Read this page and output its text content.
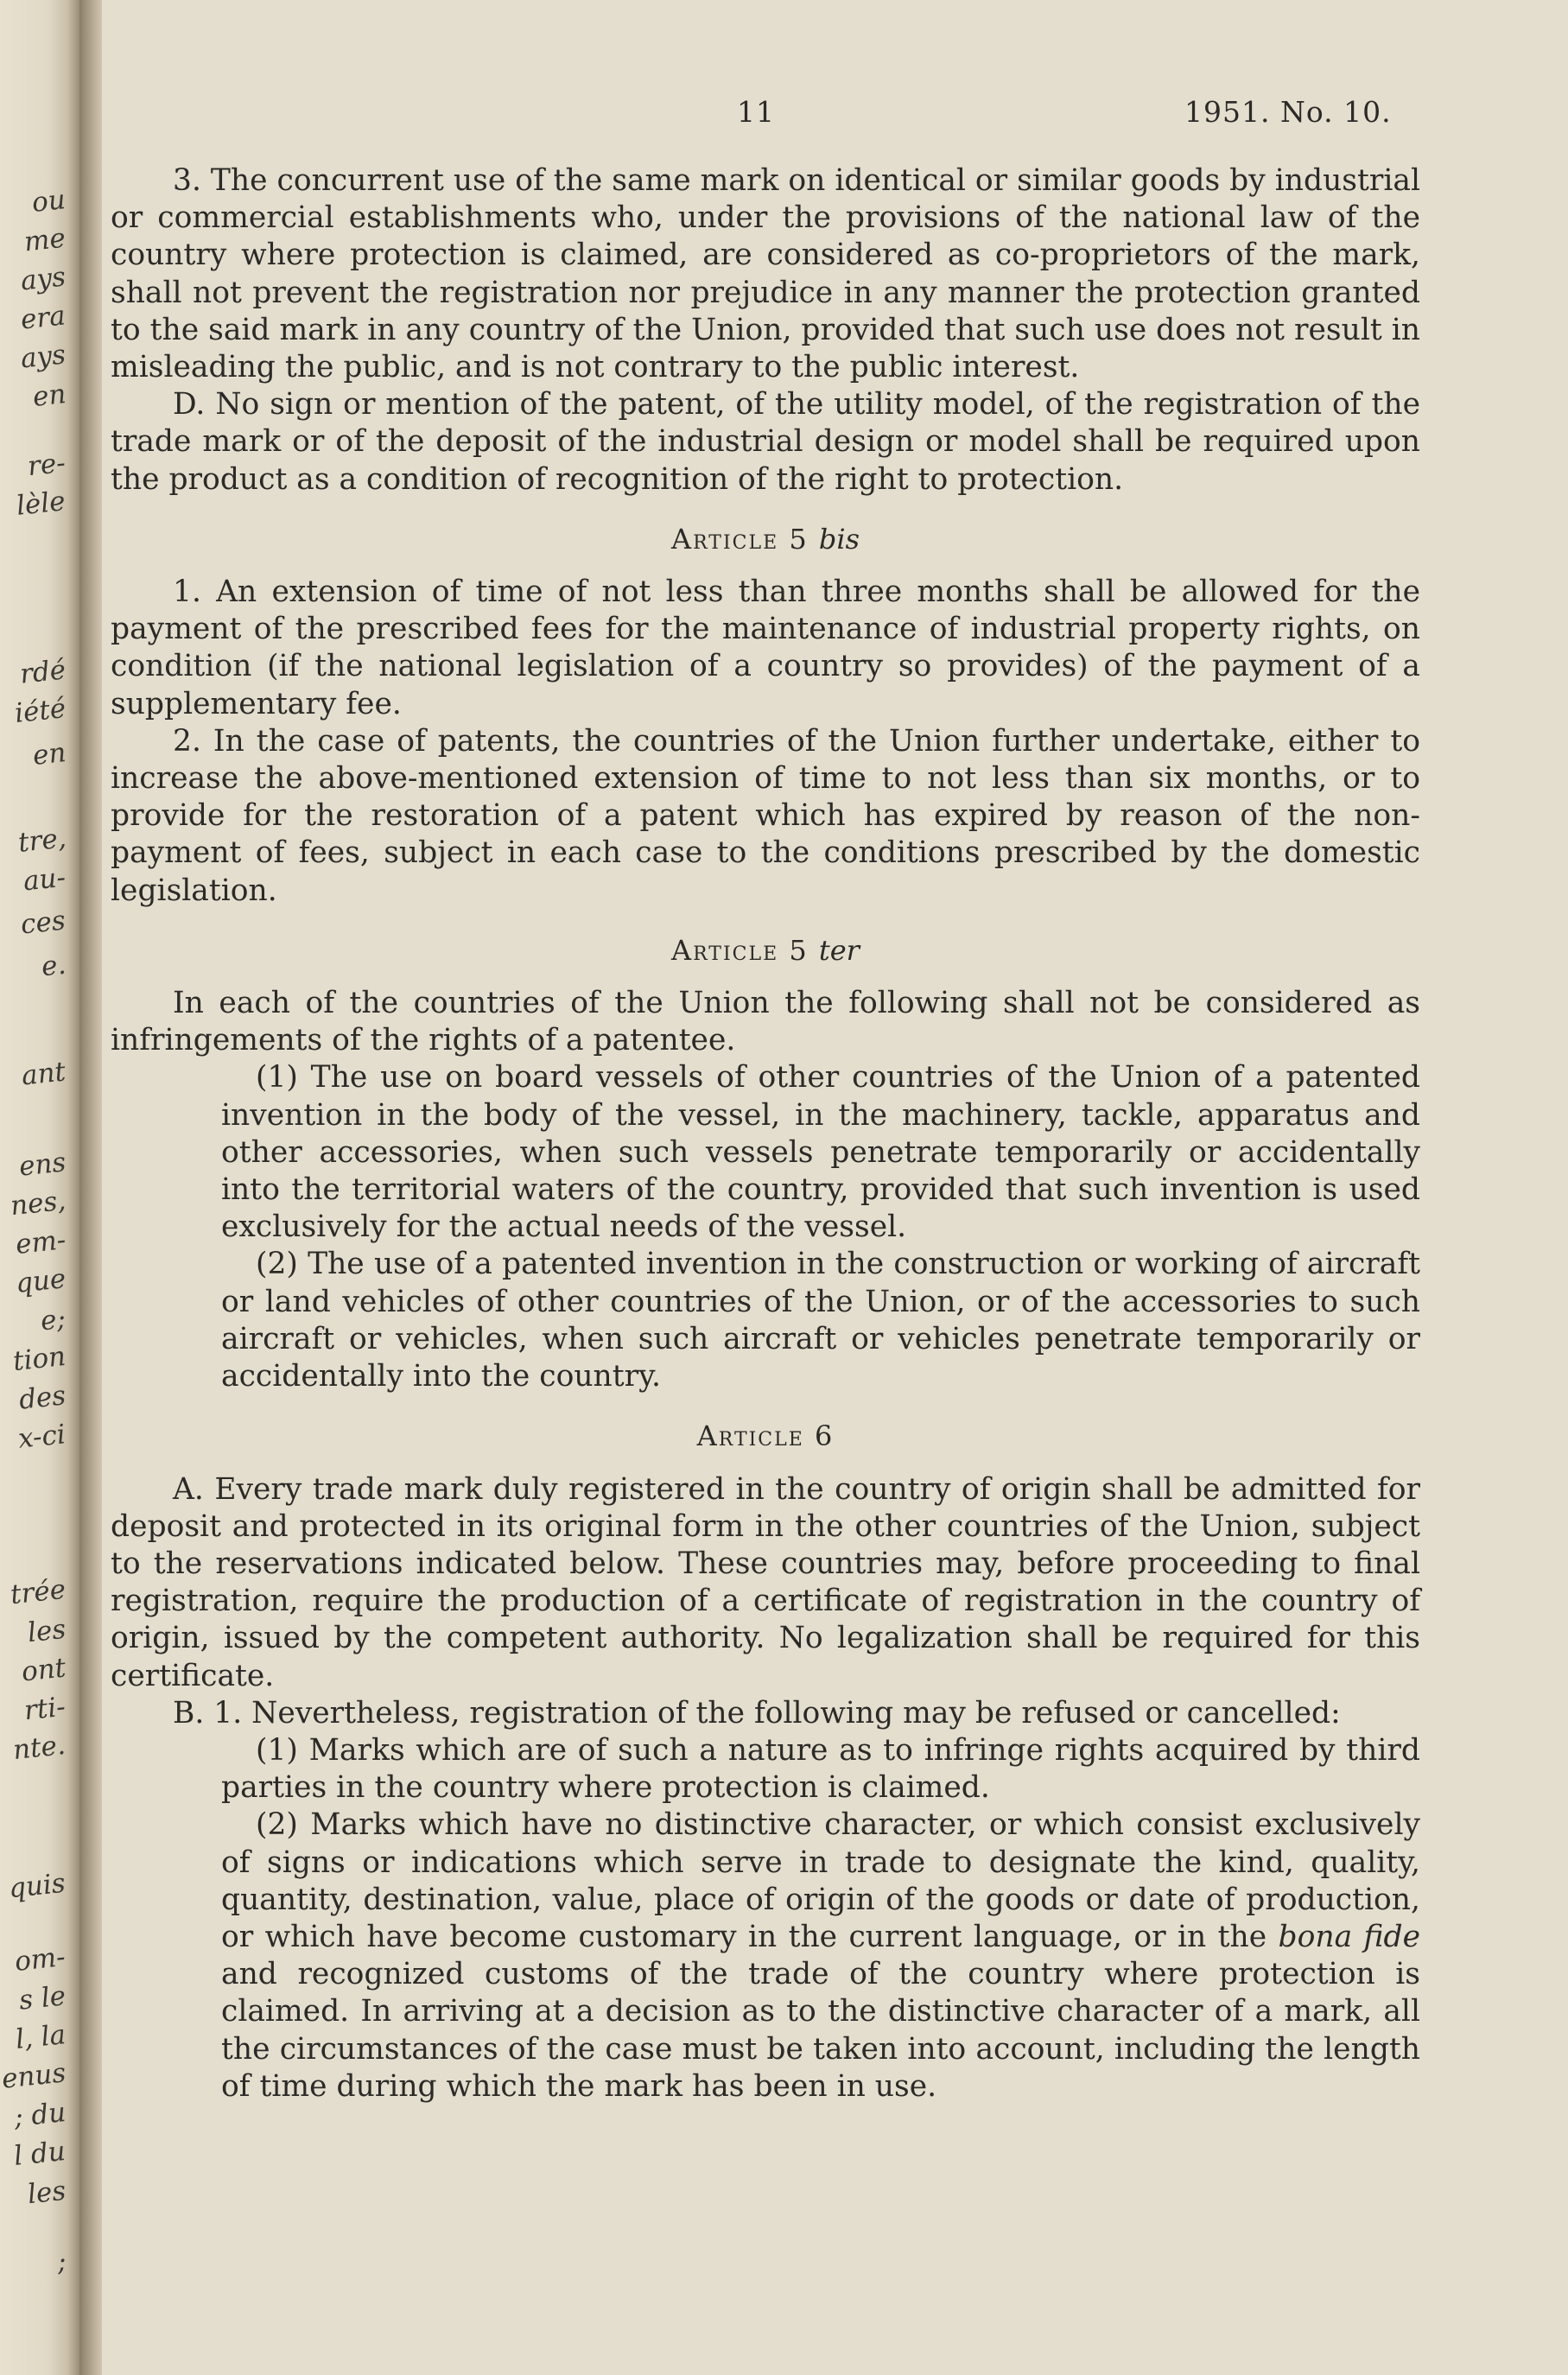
ou
me
ays
era
ays
en
re-
lèle
rdé
iété
en
tre,
au-
ces
e.
ant
ens
nes,
em-
que
e;
tion
des
x-ci
trée
les
ont
rti-
nte.
quis
om-
s le
l, la
enus
; du
l du
les
;
11	1951. No. 10.

3. The concurrent use of the same mark on identical or similar goods by industrial or commercial establishments who, under the provisions of the national law of the country where protection is claimed, are considered as co-proprietors of the mark, shall not prevent the registration nor prejudice in any manner the protection granted to the said mark in any country of the Union, provided that such use does not result in misleading the public, and is not contrary to the public interest.

D. No sign or mention of the patent, of the utility model, of the registration of the trade mark or of the deposit of the industrial design or model shall be required upon the product as a condition of recognition of the right to protection.

Article 5 bis

1. An extension of time of not less than three months shall be allowed for the payment of the prescribed fees for the maintenance of industrial property rights, on condition (if the national legislation of a country so provides) of the payment of a supplementary fee.

2. In the case of patents, the countries of the Union further undertake, either to increase the above-mentioned extension of time to not less than six months, or to provide for the restoration of a patent which has expired by reason of the non-payment of fees, subject in each case to the conditions prescribed by the domestic legislation.

Article 5 ter

In each of the countries of the Union the following shall not be considered as infringements of the rights of a patentee.

(1) The use on board vessels of other countries of the Union of a patented invention in the body of the vessel, in the machinery, tackle, apparatus and other accessories, when such vessels penetrate temporarily or accidentally into the territorial waters of the country, provided that such invention is used exclusively for the actual needs of the vessel.

(2) The use of a patented invention in the construction or working of aircraft or land vehicles of other countries of the Union, or of the accessories to such aircraft or vehicles, when such aircraft or vehicles penetrate temporarily or accidentally into the country.

Article 6

A. Every trade mark duly registered in the country of origin shall be admitted for deposit and protected in its original form in the other countries of the Union, subject to the reservations indicated below. These countries may, before proceeding to final registration, require the production of a certificate of registration in the country of origin, issued by the competent authority. No legalization shall be required for this certificate.

B. 1. Nevertheless, registration of the following may be refused or cancelled:

(1) Marks which are of such a nature as to infringe rights acquired by third parties in the country where protection is claimed.

(2) Marks which have no distinctive character, or which consist exclusively of signs or indications which serve in trade to designate the kind, quality, quantity, destination, value, place of origin of the goods or date of production, or which have become customary in the current language, or in the bona fide and recognized customs of the trade of the country where protection is claimed. In arriving at a decision as to the distinctive character of a mark, all the circumstances of the case must be taken into account, including the length of time during which the mark has been in use.
